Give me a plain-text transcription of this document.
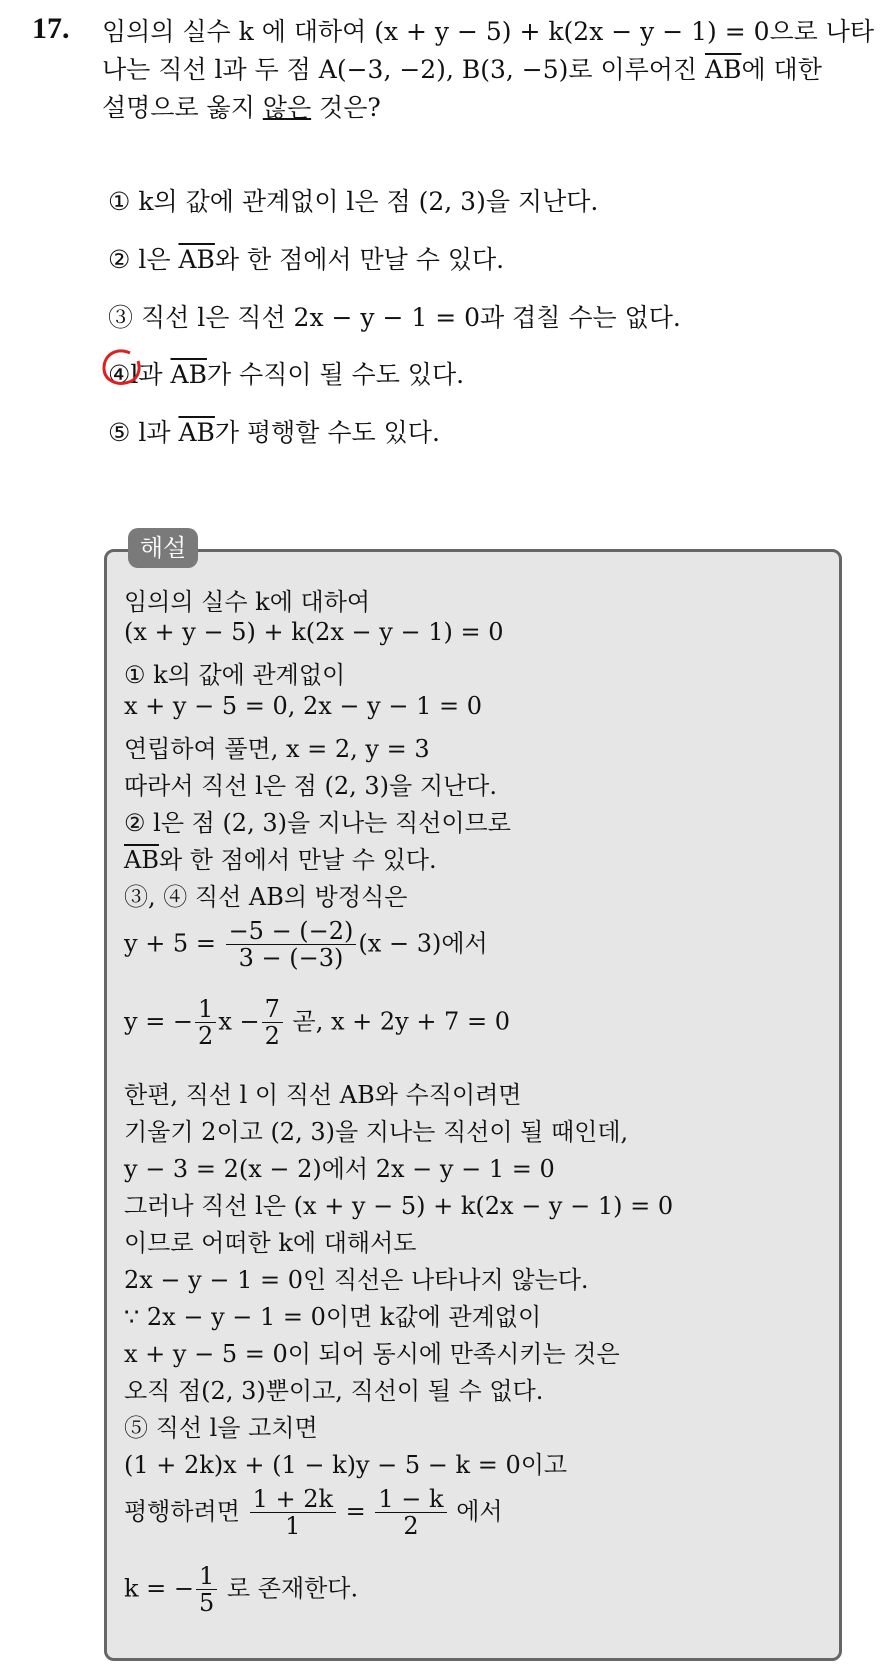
17. 임의의 실수 k 에 대하여 (x + y − 5) + k(2x − y − 1) = 0으로 나타
나는 직선 l과 두 점 A(−3, −2), B(3, −5)로 이루어진 $\overline{AB}$에 대한
설명으로 옳지 않은 것은?
① k의 값에 관계없이 l은 점 (2, 3)을 지난다.
② l은 $\overline{AB}$와 한 점에서 만날 수 있다.
③ 직선 l은 직선 2x − y − 1 = 0과 겹칠 수는 없다.
④l과 $\overline{AB}$가 수직이 될 수도 있다.
⑤ l과 $\overline{AB}$가 평행할 수도 있다.
해설
임의의 실수 k에 대하여
(x + y − 5) + k(2x − y − 1) = 0
① k의 값에 관계없이
x + y − 5 = 0, 2x − y − 1 = 0
연립하여 풀면, x = 2, y = 3
따라서 직선 l은 점 (2, 3)을 지난다.
② l은 점 (2, 3)을 지나는 직선이므로
$\overline{AB}$와 한 점에서 만날 수 있다.
③, ④ 직선 AB의 방정식은
$y + 5 = \frac{-5 - (-2)}{3 - (-3)} (x - 3)$에서
y = − $\frac{1}{2}$ $x - \frac{7}{2}$ 곧, x + 2y + 7 = 0
한편, 직선 l 이 직선 AB와 수직이려면
기울기 2이고 (2, 3)을 지나는 직선이 될 때인데,
y − 3 = 2(x − 2)에서 2x − y − 1 = 0
그러나 직선 l은 (x + y − 5) + k(2x − y − 1) = 0
이므로 어떠한 k에 대해서도
2x − y − 1 = 0인 직선은 나타나지 않는다.
∵ 2x − y − 1 = 0이면 k값에 관계없이
x + y − 5 = 0이 되어 동시에 만족시키는 것은
오직 점(2, 3)뿐이고, 직선이 될 수 없다.
⑤ 직선 l을 고치면
(1 + 2k)x + (1 − k)y − 5 − k = 0이고
평행하려면 $\frac{1 + 2k}{1} = \frac{1 - k}{2}$ 에서
k = − $\frac{1}{5}$ 로 존재한다.
